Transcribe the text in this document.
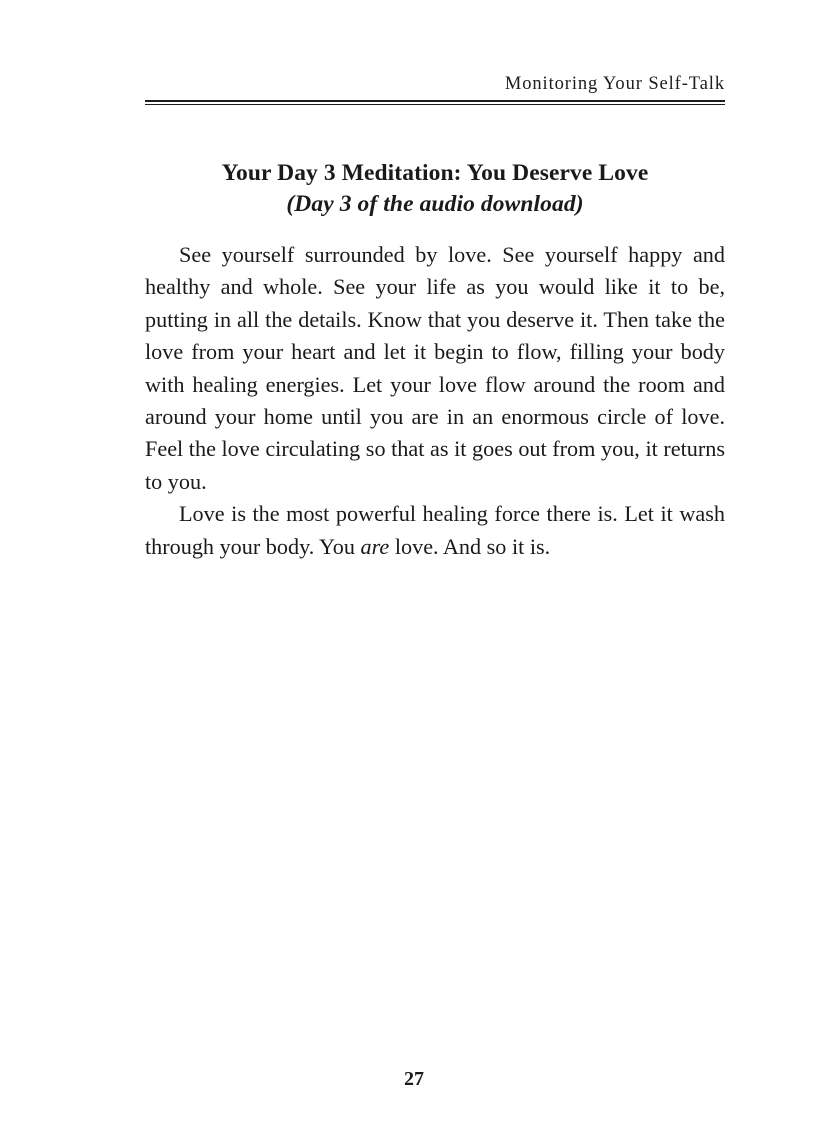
Monitoring Your Self-Talk
Your Day 3 Meditation: You Deserve Love
(Day 3 of the audio download)

See yourself surrounded by love. See yourself happy and healthy and whole. See your life as you would like it to be, putting in all the details. Know that you deserve it. Then take the love from your heart and let it begin to flow, filling your body with healing energies. Let your love flow around the room and around your home until you are in an enormous circle of love. Feel the love circulating so that as it goes out from you, it returns to you.

Love is the most powerful healing force there is. Let it wash through your body. You are love. And so it is.

27
